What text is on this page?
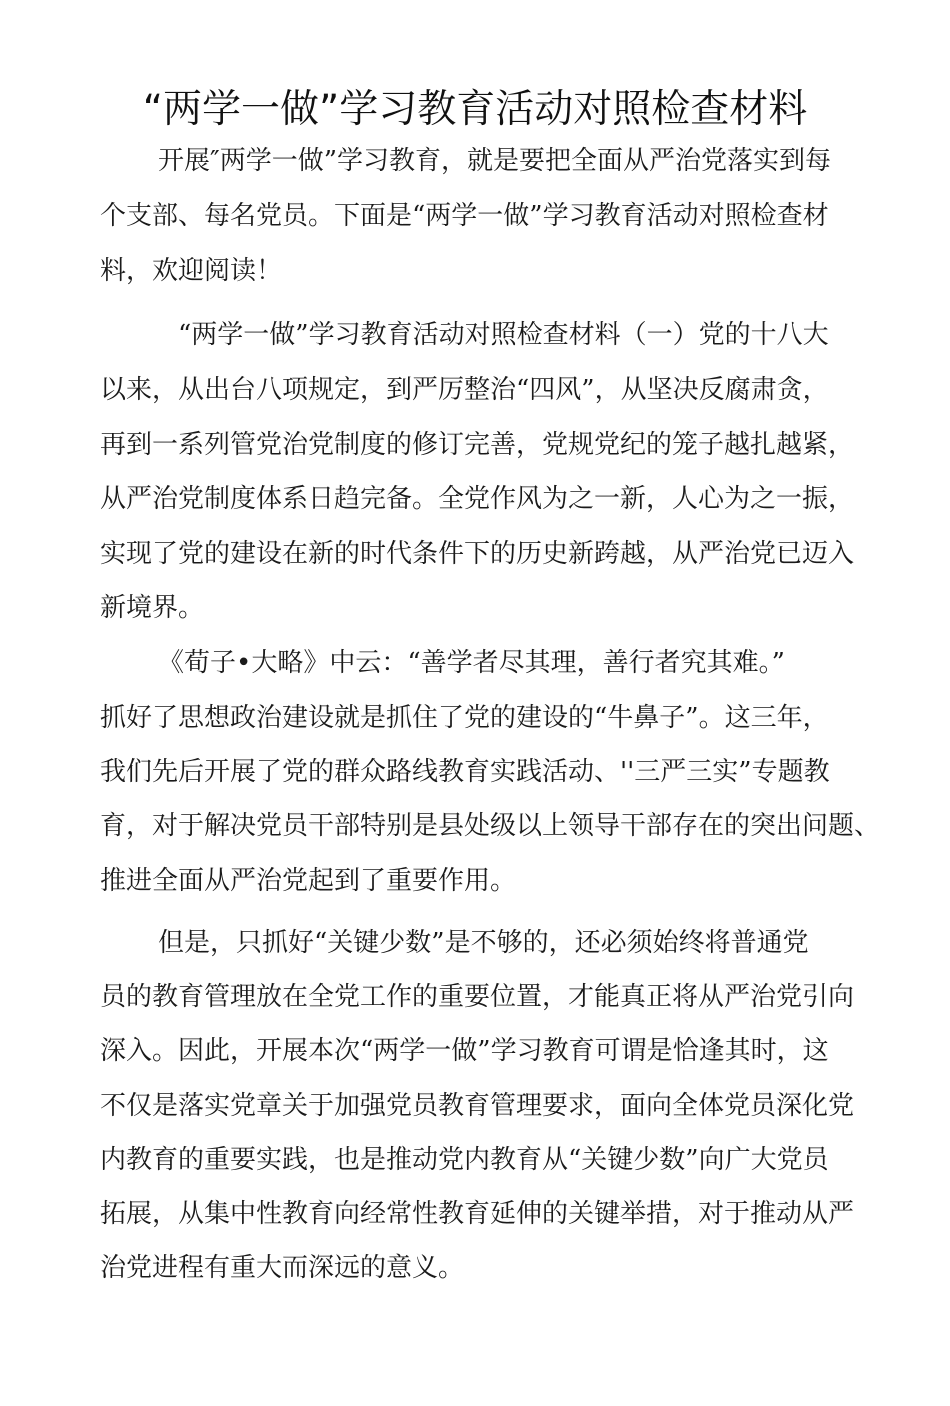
“两学一做”学习教育活动对照检查材料
开展″两学一做”学习教育，就是要把全面从严治党落实到每
个支部、每名党员。下面是“两学一做”学习教育活动对照检查材
料，欢迎阅读！
“两学一做”学习教育活动对照检查材料（一）党的十八大
以来，从出台八项规定，到严厉整治“四风”，从坚决反腐肃贪，
再到一系列管党治党制度的修订完善，党规党纪的笼子越扎越紧，
从严治党制度体系日趋完备。全党作风为之一新，人心为之一振，
实现了党的建设在新的时代条件下的历史新跨越，从严治党已迈入
新境界。
《荀子•大略》中云：“善学者尽其理，善行者究其难。”
抓好了思想政治建设就是抓住了党的建设的“牛鼻子”。这三年，
我们先后开展了党的群众路线教育实践活动、''三严三实”专题教
育，对于解决党员干部特别是县处级以上领导干部存在的突出问题、
推进全面从严治党起到了重要作用。
但是，只抓好“关键少数”是不够的，还必须始终将普通党
员的教育管理放在全党工作的重要位置，才能真正将从严治党引向
深入。因此，开展本次“两学一做”学习教育可谓是恰逢其时，这
不仅是落实党章关于加强党员教育管理要求，面向全体党员深化党
内教育的重要实践，也是推动党内教育从“关键少数”向广大党员
拓展，从集中性教育向经常性教育延伸的关键举措，对于推动从严
治党进程有重大而深远的意义。
